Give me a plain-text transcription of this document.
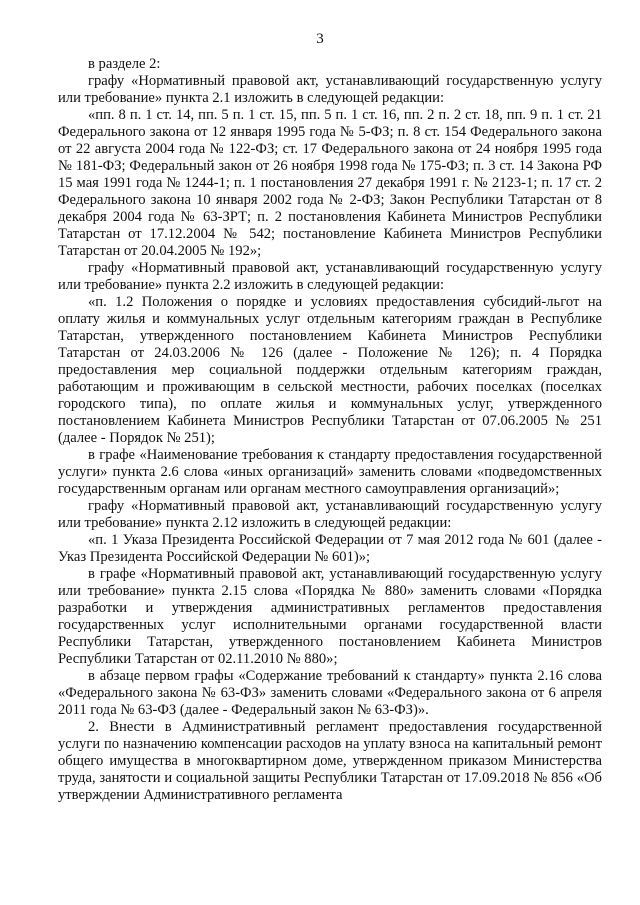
3

в разделе 2:

графу «Нормативный правовой акт, устанавливающий государственную услугу или требование» пункта 2.1 изложить в следующей редакции:

«пп. 8 п. 1 ст. 14, пп. 5 п. 1 ст. 15, пп. 5 п. 1 ст. 16, пп. 2 п. 2 ст. 18, пп. 9 п. 1 ст. 21 Федерального закона от 12 января 1995 года № 5-ФЗ; п. 8 ст. 154 Федерального закона от 22 августа 2004 года № 122-ФЗ; ст. 17 Федерального закона от 24 ноября 1995 года № 181-ФЗ; Федеральный закон от 26 ноября 1998 года № 175-ФЗ; п. 3 ст. 14 Закона РФ 15 мая 1991 года № 1244-1; п. 1 постановления 27 декабря 1991 г. № 2123-1; п. 17 ст. 2 Федерального закона 10 января 2002 года № 2-ФЗ; Закон Республики Татарстан от 8 декабря 2004 года № 63-ЗРТ; п. 2 постановления Кабинета Министров Республики Татарстан от 17.12.2004 № 542; постановление Кабинета Министров Республики Татарстан от 20.04.2005 № 192»;

графу «Нормативный правовой акт, устанавливающий государственную услугу или требование» пункта 2.2 изложить в следующей редакции:

«п. 1.2 Положения о порядке и условиях предоставления субсидий-льгот на оплату жилья и коммунальных услуг отдельным категориям граждан в Республике Татарстан, утвержденного постановлением Кабинета Министров Республики Татарстан от 24.03.2006 № 126 (далее - Положение № 126); п. 4 Порядка предоставления мер социальной поддержки отдельным категориям граждан, работающим и проживающим в сельской местности, рабочих поселках (поселках городского типа), по оплате жилья и коммунальных услуг, утвержденного постановлением Кабинета Министров Республики Татарстан от 07.06.2005 № 251 (далее - Порядок № 251);

в графе «Наименование требования к стандарту предоставления государственной услуги» пункта 2.6 слова «иных организаций» заменить словами «подведомственных государственным органам или органам местного самоуправления организаций»;

графу «Нормативный правовой акт, устанавливающий государственную услугу или требование» пункта 2.12 изложить в следующей редакции:

«п. 1 Указа Президента Российской Федерации от 7 мая 2012 года № 601 (далее - Указ Президента Российской Федерации № 601)»;

в графе «Нормативный правовой акт, устанавливающий государственную услугу или требование» пункта 2.15 слова «Порядка № 880» заменить словами «Порядка разработки и утверждения административных регламентов предоставления государственных услуг исполнительными органами государственной власти Республики Татарстан, утвержденного постановлением Кабинета Министров Республики Татарстан от 02.11.2010 № 880»;

в абзаце первом графы «Содержание требований к стандарту» пункта 2.16 слова «Федерального закона № 63-ФЗ» заменить словами «Федерального закона от 6 апреля 2011 года № 63-ФЗ (далее - Федеральный закон № 63-ФЗ)».

2. Внести в Административный регламент предоставления государственной услуги по назначению компенсации расходов на уплату взноса на капитальный ремонт общего имущества в многоквартирном доме, утвержденном приказом Министерства труда, занятости и социальной защиты Республики Татарстан от 17.09.2018 № 856 «Об утверждении Административного регламента
